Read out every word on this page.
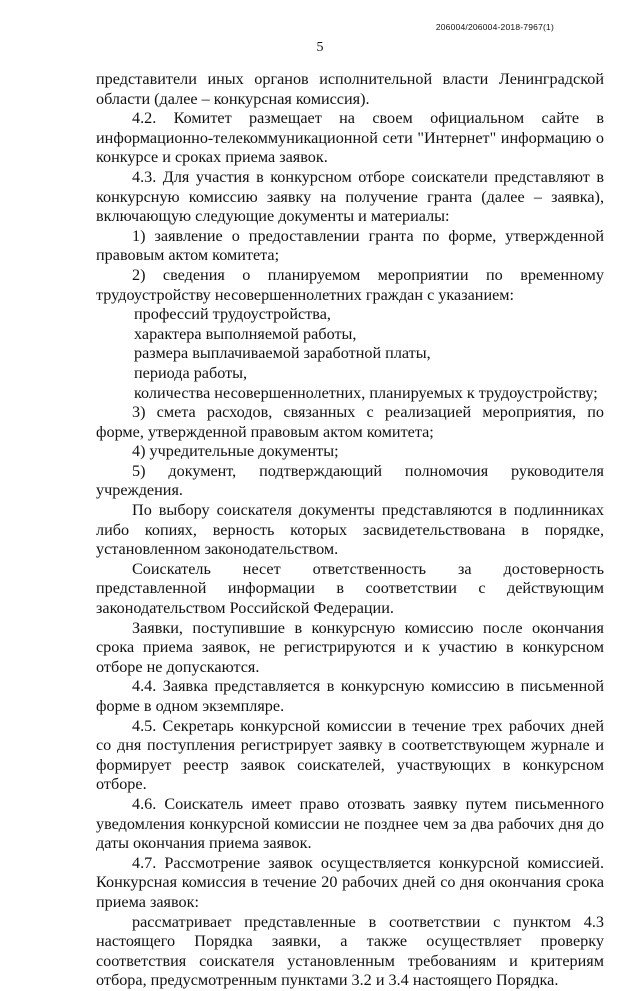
206004/206004-2018-7967(1)
5

представители иных органов исполнительной власти Ленинградской области (далее – конкурсная комиссия).

4.2. Комитет размещает на своем официальном сайте в информационно-телекоммуникационной сети "Интернет" информацию о конкурсе и сроках приема заявок.

4.3. Для участия в конкурсном отборе соискатели представляют в конкурсную комиссию заявку на получение гранта (далее – заявка), включающую следующие документы и материалы:

1) заявление о предоставлении гранта по форме, утвержденной правовым актом комитета;

2) сведения о планируемом мероприятии по временному трудоустройству несовершеннолетних граждан с указанием:

профессий трудоустройства,

характера выполняемой работы,

размера выплачиваемой заработной платы,

периода работы,

количества несовершеннолетних, планируемых к трудоустройству;

3) смета расходов, связанных с реализацией мероприятия, по форме, утвержденной правовым актом комитета;

4) учредительные документы;

5) документ, подтверждающий полномочия руководителя учреждения.

По выбору соискателя документы представляются в подлинниках либо копиях, верность которых засвидетельствована в порядке, установленном законодательством.

Соискатель несет ответственность за достоверность представленной информации в соответствии с действующим законодательством Российской Федерации.

Заявки, поступившие в конкурсную комиссию после окончания срока приема заявок, не регистрируются и к участию в конкурсном отборе не допускаются.

4.4. Заявка представляется в конкурсную комиссию в письменной форме в одном экземпляре.

4.5. Секретарь конкурсной комиссии в течение трех рабочих дней со дня поступления регистрирует заявку в соответствующем журнале и формирует реестр заявок соискателей, участвующих в конкурсном отборе.

4.6. Соискатель имеет право отозвать заявку путем письменного уведомления конкурсной комиссии не позднее чем за два рабочих дня до даты окончания приема заявок.

4.7. Рассмотрение заявок осуществляется конкурсной комиссией. Конкурсная комиссия в течение 20 рабочих дней со дня окончания срока приема заявок:

рассматривает представленные в соответствии с пунктом 4.3 настоящего Порядка заявки, а также осуществляет проверку соответствия соискателя установленным требованиям и критериям отбора, предусмотренным пунктами 3.2 и 3.4 настоящего Порядка.
